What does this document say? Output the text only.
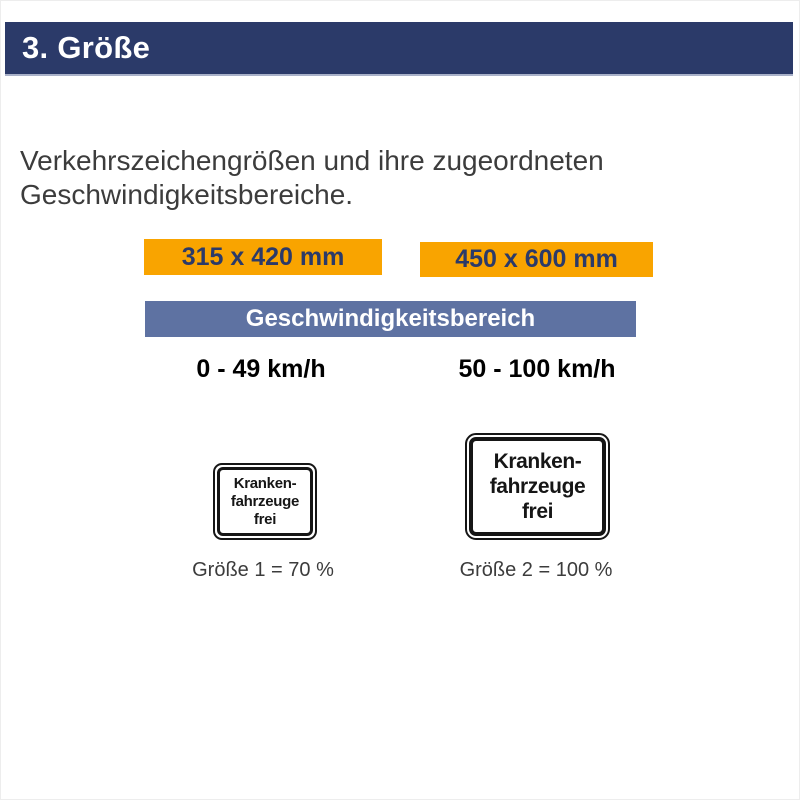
3. Größe

Verkehrszeichengrößen und ihre zugeordneten Geschwindigkeitsbereiche.

315 x 420 mm	450 x 600 mm
Geschwindigkeitsbereich
0 - 49 km/h	50 - 100 km/h
Kranken-
fahrzeuge
frei
Kranken-
fahrzeuge
frei
Größe 1 = 70 %	Größe 2 = 100 %
